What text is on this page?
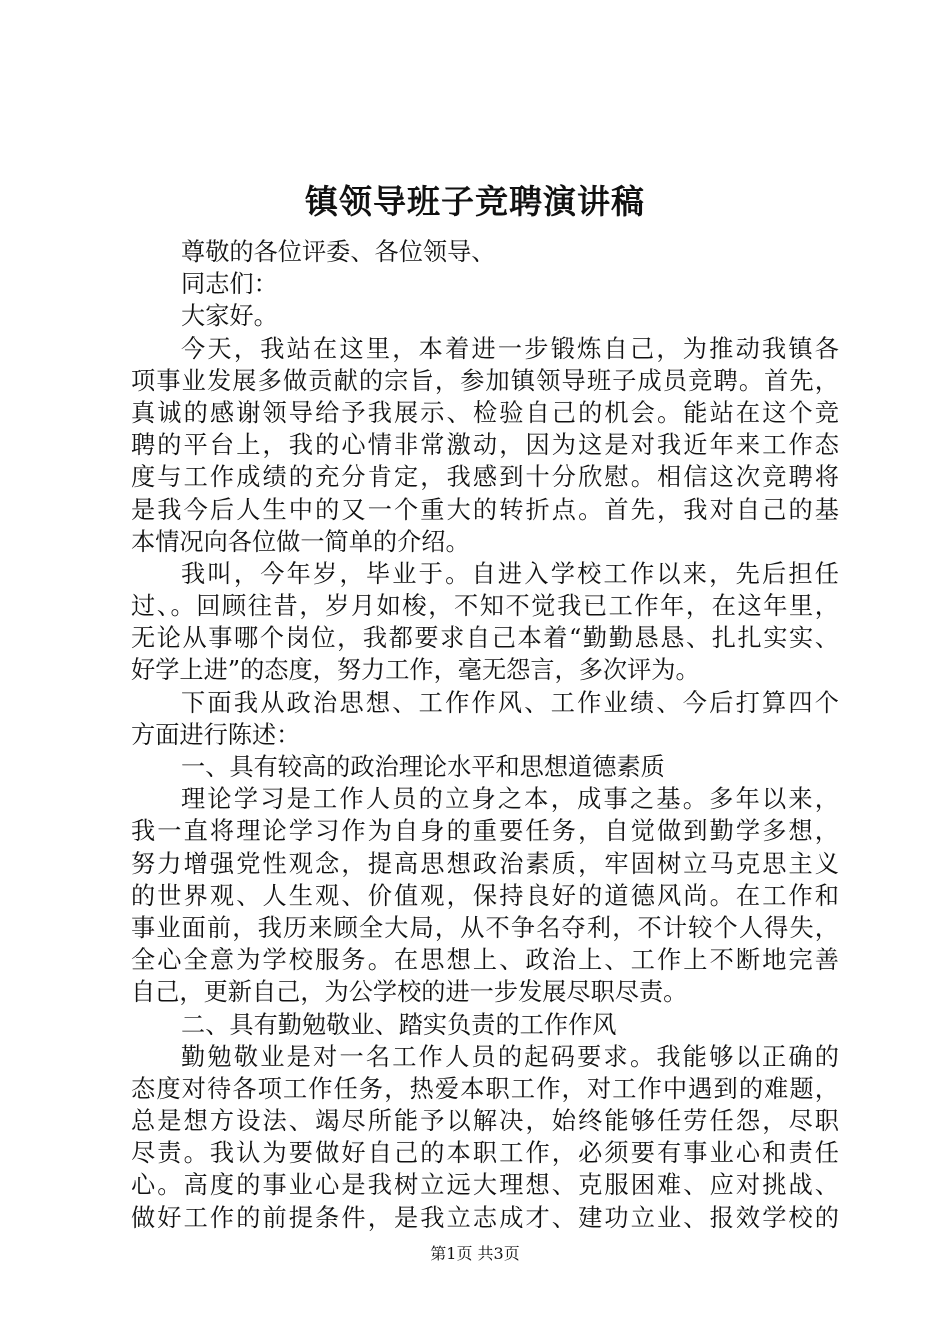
镇领导班子竞聘演讲稿
尊敬的各位评委、各位领导、
同志们：
大家好。
今天，我站在这里，本着进一步锻炼自己，为推动我镇各
项事业发展多做贡献的宗旨，参加镇领导班子成员竞聘。首先，
真诚的感谢领导给予我展示、检验自己的机会。能站在这个竞
聘的平台上，我的心情非常激动，因为这是对我近年来工作态
度与工作成绩的充分肯定，我感到十分欣慰。相信这次竞聘将
是我今后人生中的又一个重大的转折点。首先，我对自己的基
本情况向各位做一简单的介绍。
我叫，今年岁，毕业于。自进入学校工作以来，先后担任
过、。回顾往昔，岁月如梭，不知不觉我已工作年，在这年里，
无论从事哪个岗位，我都要求自己本着“勤勤恳恳、扎扎实实、
好学上进”的态度，努力工作，毫无怨言，多次评为。
下面我从政治思想、工作作风、工作业绩、今后打算四个
方面进行陈述：
一、具有较高的政治理论水平和思想道德素质
理论学习是工作人员的立身之本，成事之基。多年以来，
我一直将理论学习作为自身的重要任务，自觉做到勤学多想，
努力增强党性观念，提高思想政治素质，牢固树立马克思主义
的世界观、人生观、价值观，保持良好的道德风尚。在工作和
事业面前，我历来顾全大局，从不争名夺利，不计较个人得失，
全心全意为学校服务。在思想上、政治上、工作上不断地完善
自己，更新自己，为公学校的进一步发展尽职尽责。
二、具有勤勉敬业、踏实负责的工作作风
勤勉敬业是对一名工作人员的起码要求。我能够以正确的
态度对待各项工作任务，热爱本职工作，对工作中遇到的难题，
总是想方设法、竭尽所能予以解决，始终能够任劳任怨，尽职
尽责。我认为要做好自己的本职工作，必须要有事业心和责任
心。高度的事业心是我树立远大理想、克服困难、应对挑战、
做好工作的前提条件，是我立志成才、建功立业、报效学校的
第1页 共3页
